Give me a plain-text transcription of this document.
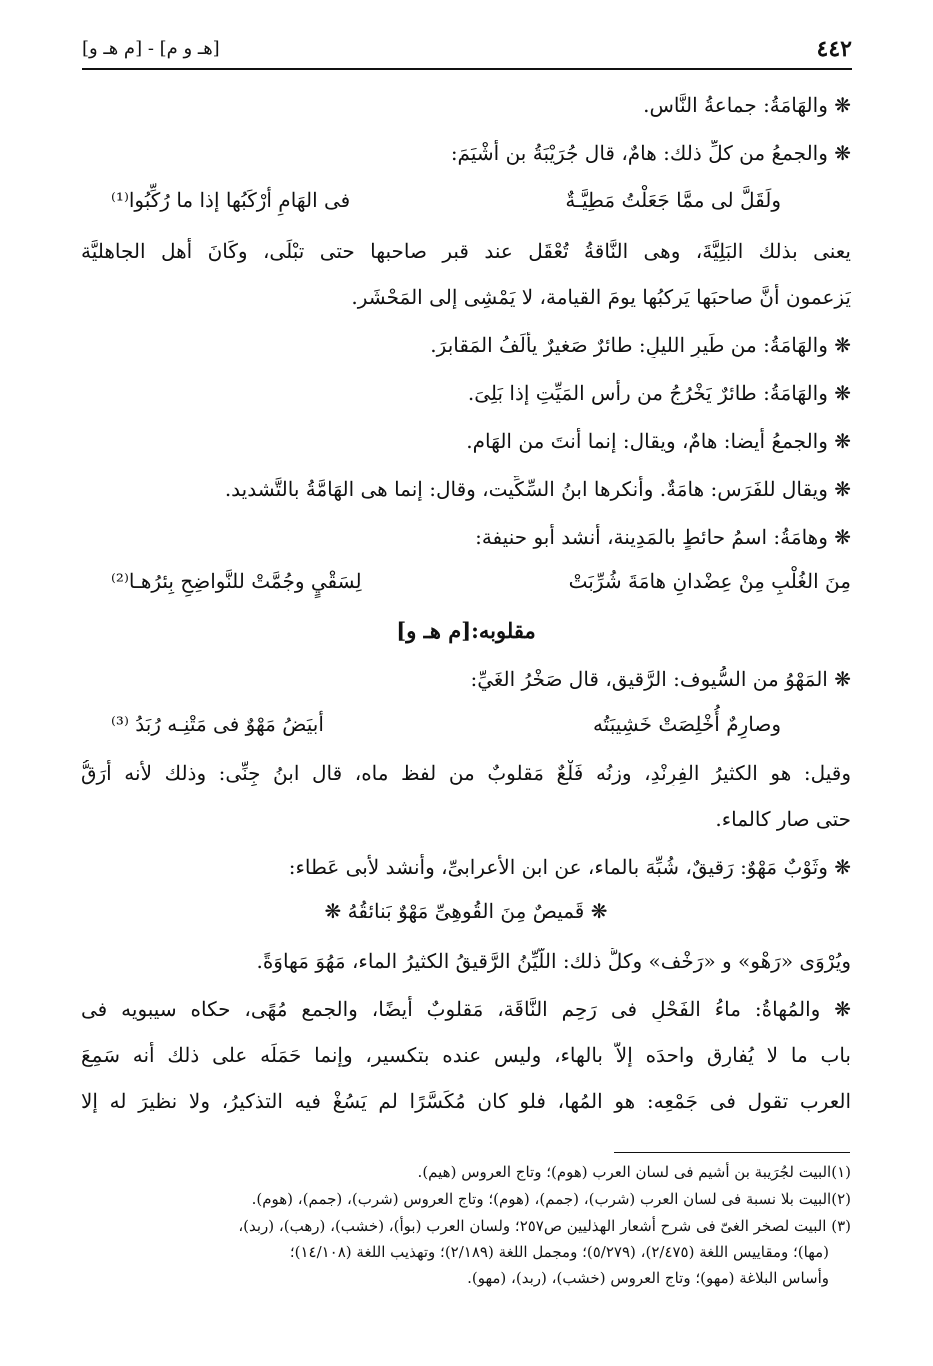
٤٤٢
[هـ و م] - [م هـ و]
❋ والهَامَةُ: جماعةُ النَّاسِ.
❋ والجمعُ من كلِّ ذلك: هامٌ، قال جُرَيْبَةُ بن أشْيَمَ:
ولَقَلَّ لى ممَّا جَعَلْتُ مَطِيَّـةٌ
فى الهَامِ أرْكَبُها إذا ما رُكِّبُوا⁽¹⁾
يعنى بذلك البَلِيَّةَ، وهى النَّاقةُ تُعْقَل عند قبر صاحبها حتى تبْلَى، وكَانَ أهل الجاهليَّة
يَزعمون أنَّ صاحبَها يَركبُها يومَ القيامة، لا يَمْشِى إلى المَحْشَر.
❋ والهَامَةُ: من طَيرِ الليلِ: طائرٌ صَغيرٌ يألَفُ المَقابرَ.
❋ والهَامَةُ: طائرٌ يَخْرُجُ من رأسِ المَيِّتِ إذا بَلِىَ.
❋ والجمعُ أيضا: هامٌ، ويقال: إنما أنتَ من الهَامِ.
❋ ويقال للفَرَسِ: هامَةٌ. وأنكرها ابنُ السِّكِّيت، وقال: إنما هى الهَامَّةُ بالتَّشديد.
❋ وهامَةُ: اسمُ حائطٍ بالمَدِينة، أنشد أبو حنيفة:
مِنَ الغُلْبِ مِنْ عِضْدانِ هامَةَ شُرِّبَتْ
لِسَقْيٍ وجُمَّتْ للنَّواضِحِ بِئرُهـا⁽²⁾
مقلوبه:[م هـ و]
❋ المَهْوُ من السُّيوف: الرَّقيق، قال صَخْرُ الغَيِّ:
وصارِمٌ أُخْلِصَتْ خَشِيبَتُه
أبيَضُ مَهْوٌ فى مَتْنِـه رُبَدُ ⁽³⁾
وقيل: هو الكثيرُ الفِرِنْدِ، وزنُه فَلْعٌ مَقلوبٌ من لفظ ماه، قال ابنُ جِنِّى: وذلك لأنه أرَقُّ
حتى صار كالماء.
❋ وثَوْبٌ مَهْوٌ: رَقيقٌ، شُبِّهَ بالماء، عن ابن الأعرابىِّ، وأنشد لأبى عَطاء:
❋ قَميصٌ مِنَ القُوهِىِّ مَهْوٌ بَنائقُهُ ❋
ويُرْوَى «رَهْو» و «رَخْف» وكلُّ ذلك: اللَّيِّنُ الرَّقيقُ الكثيرُ الماء، مَهُوَ مَهاوَةً.
❋ والمُهاةُ: ماءُ الفَحْلِ فى رَحِمِ النَّاقَة، مَقلوبٌ أيضًا، والجمع مُهًى، حكاه سيبويه فى
باب ما لا يُفارِق واحدَه إلاَّ بالهاء، وليس عنده بتكسير، وإنما حَمَلَه على ذلك أنه سَمِعَ
العرب تقول فى جَمْعِه: هو المُها، فلو كان مُكَسَّرًا لم يَسُغْ فيه التذكيرُ، ولا نظيرَ له إلا
(١)البيت لجُرَيبة بن أشيم فى لسان العرب (هوم)؛ وتاج العروس (هيم).
(٢)البيت بلا نسبة فى لسان العرب (شرب)، (جمم)، (هوم)؛ وتاج العروس (شرب)، (جمم)، (هوم).
(٣) البيت لصخر الغىّ فى شرح أشعار الهذليين ص٢٥٧؛ ولسان العرب (بوأ)، (خشب)، (رهب)، (ربد)،
(مها)؛ ومقاييس اللغة (٢/٤٧٥)، (٥/٢٧٩)؛ ومجمل اللغة (٢/١٨٩)؛ وتهذيب اللغة (١٤/١٠٨)؛
وأساس البلاغة (مهو)؛ وتاج العروس (خشب)، (ربد)، (مهو).
